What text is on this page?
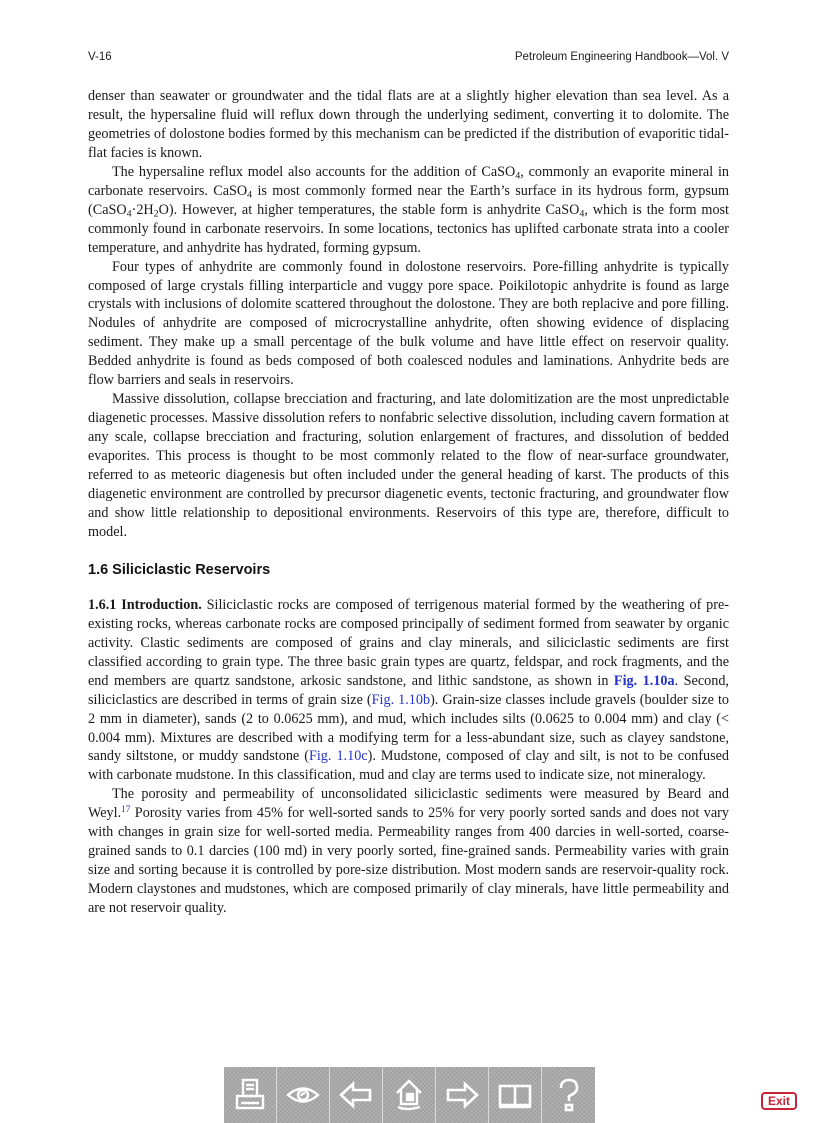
V-16	Petroleum Engineering Handbook—Vol. V

denser than seawater or groundwater and the tidal flats are at a slightly higher elevation than sea level. As a result, the hypersaline fluid will reflux down through the underlying sediment, converting it to dolomite. The geometries of dolostone bodies formed by this mechanism can be predicted if the distribution of evaporitic tidal-flat facies is known.

The hypersaline reflux model also accounts for the addition of CaSO$_4$, commonly an evaporite mineral in carbonate reservoirs. CaSO$_4$ is most commonly formed near the Earth’s surface in its hydrous form, gypsum $(CaSO_4\cdot 2H_2O)$. However, at higher temperatures, the stable form is anhydrite CaSO$_4$, which is the form most commonly found in carbonate reservoirs. In some locations, tectonics has uplifted carbonate strata into a cooler temperature, and anhydrite has hydrated, forming gypsum.

Four types of anhydrite are commonly found in dolostone reservoirs. Pore-filling anhydrite is typically composed of large crystals filling interparticle and vuggy pore space. Poikilotopic anhydrite is found as large crystals with inclusions of dolomite scattered throughout the dolostone. They are both replacive and pore filling. Nodules of anhydrite are composed of microcrystalline anhydrite, often showing evidence of displacing sediment. They make up a small percentage of the bulk volume and have little effect on reservoir quality. Bedded anhydrite is found as beds composed of both coalesced nodules and laminations. Anhydrite beds are flow barriers and seals in reservoirs.

Massive dissolution, collapse brecciation and fracturing, and late dolomitization are the most unpredictable diagenetic processes. Massive dissolution refers to nonfabric selective dissolution, including cavern formation at any scale, collapse brecciation and fracturing, solution enlargement of fractures, and dissolution of bedded evaporites. This process is thought to be most commonly related to the flow of near-surface groundwater, referred to as meteoric diagenesis but often included under the general heading of karst. The products of this diagenetic environment are controlled by precursor diagenetic events, tectonic fracturing, and groundwater flow and show little relationship to depositional environments. Reservoirs of this type are, therefore, difficult to model.

1.6 Siliciclastic Reservoirs

1.6.1 Introduction. Siliciclastic rocks are composed of terrigenous material formed by the weathering of pre-existing rocks, whereas carbonate rocks are composed principally of sediment formed from seawater by organic activity. Clastic sediments are composed of grains and clay minerals, and siliciclastic sediments are first classified according to grain type. The three basic grain types are quartz, feldspar, and rock fragments, and the end members are quartz sandstone, arkosic sandstone, and lithic sandstone, as shown in Fig. 1.10a. Second, siliciclastics are described in terms of grain size (Fig. 1.10b). Grain-size classes include gravels (boulder size to 2 mm in diameter), sands (2 to 0.0625 mm), and mud, which includes silts (0.0625 to 0.004 mm) and clay (< 0.004 mm). Mixtures are described with a modifying term for a less-abundant size, such as clayey sandstone, sandy siltstone, or muddy sandstone (Fig. 1.10c). Mudstone, composed of clay and silt, is not to be confused with carbonate mudstone. In this classification, mud and clay are terms used to indicate size, not mineralogy.

The porosity and permeability of unconsolidated siliciclastic sediments were measured by Beard and Weyl.$^{17}$ Porosity varies from 45% for well-sorted sands to 25% for very poorly sorted sands and does not vary with changes in grain size for well-sorted media. Permeability ranges from 400 darcies in well-sorted, coarse-grained sands to 0.1 darcies (100 md) in very poorly sorted, fine-grained sands. Permeability varies with grain size and sorting because it is controlled by pore-size distribution. Most modern sands are reservoir-quality rock. Modern claystones and mudstones, which are composed primarily of clay minerals, have little permeability and are not reservoir quality.

Exit
